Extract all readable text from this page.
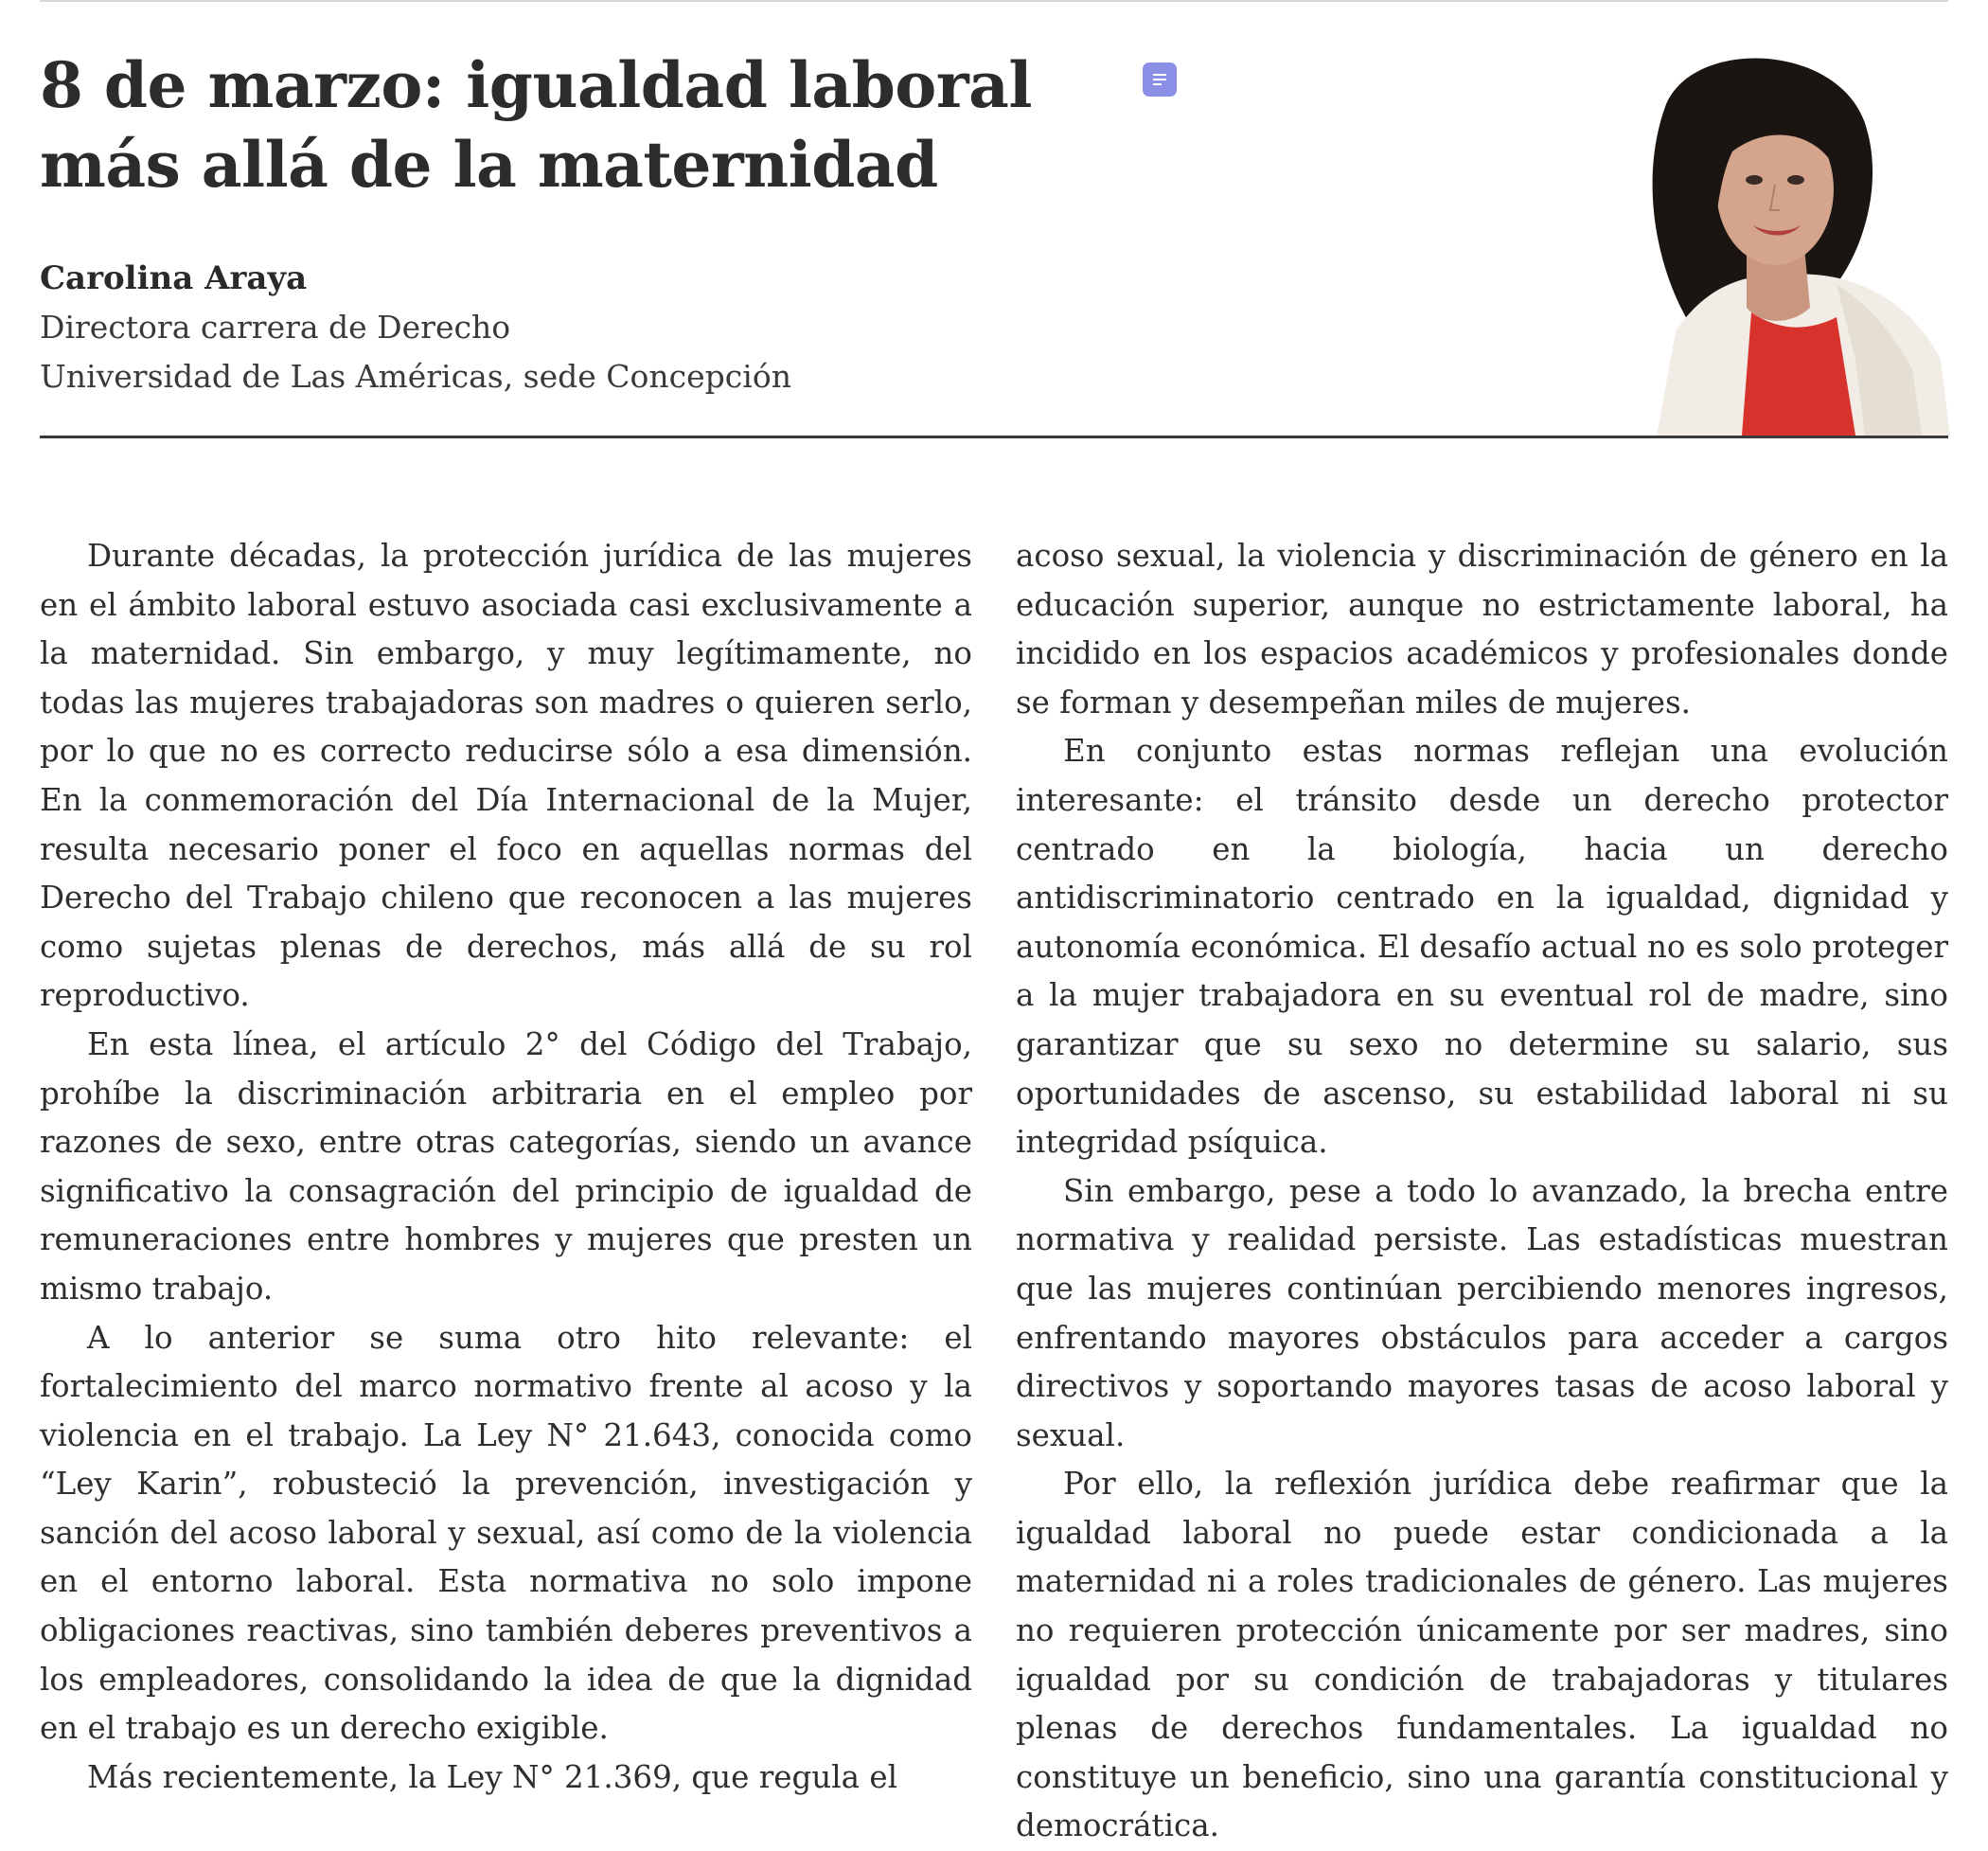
8 de marzo: igualdad laboral más allá de la maternidad
Carolina Araya
Directora carrera de Derecho
Universidad de Las Américas, sede Concepción

Durante décadas, la protección jurídica de las mujeres en el ámbito laboral estuvo asociada casi exclusivamente a la maternidad. Sin embargo, y muy legítimamente, no todas las mujeres trabajadoras son madres o quieren serlo, por lo que no es correcto reducirse sólo a esa dimensión. En la conmemoración del Día Internacional de la Mujer, resulta necesario poner el foco en aquellas normas del Derecho del Trabajo chileno que reconocen a las mujeres como sujetas plenas de derechos, más allá de su rol reproductivo.

En esta línea, el artículo 2° del Código del Trabajo, prohíbe la discriminación arbitraria en el empleo por razones de sexo, entre otras categorías, siendo un avance significativo la consagración del principio de igualdad de remuneraciones entre hombres y mujeres que presten un mismo trabajo.

A lo anterior se suma otro hito relevante: el fortalecimiento del marco normativo frente al acoso y la violencia en el trabajo. La Ley N° 21.643, conocida como “Ley Karin”, robusteció la prevención, investigación y sanción del acoso laboral y sexual, así como de la violencia en el entorno laboral. Esta normativa no solo impone obligaciones reactivas, sino también deberes preventivos a los empleadores, consolidando la idea de que la dignidad en el trabajo es un derecho exigible.

Más recientemente, la Ley N° 21.369, que regula el

acoso sexual, la violencia y discriminación de género en la educación superior, aunque no estrictamente laboral, ha incidido en los espacios académicos y profesionales donde se forman y desempeñan miles de mujeres.

En conjunto estas normas reflejan una evolución interesante: el tránsito desde un derecho protector centrado en la biología, hacia un derecho antidiscriminatorio centrado en la igualdad, dignidad y autonomía económica. El desafío actual no es solo proteger a la mujer trabajadora en su eventual rol de madre, sino garantizar que su sexo no determine su salario, sus oportunidades de ascenso, su estabilidad laboral ni su integridad psíquica.

Sin embargo, pese a todo lo avanzado, la brecha entre normativa y realidad persiste. Las estadísticas muestran que las mujeres continúan percibiendo menores ingresos, enfrentando mayores obstáculos para acceder a cargos directivos y soportando mayores tasas de acoso laboral y sexual.

Por ello, la reflexión jurídica debe reafirmar que la igualdad laboral no puede estar condicionada a la maternidad ni a roles tradicionales de género. Las mujeres no requieren protección únicamente por ser madres, sino igualdad por su condición de trabajadoras y titulares plenas de derechos fundamentales. La igualdad no constituye un beneficio, sino una garantía constitucional y democrática.
